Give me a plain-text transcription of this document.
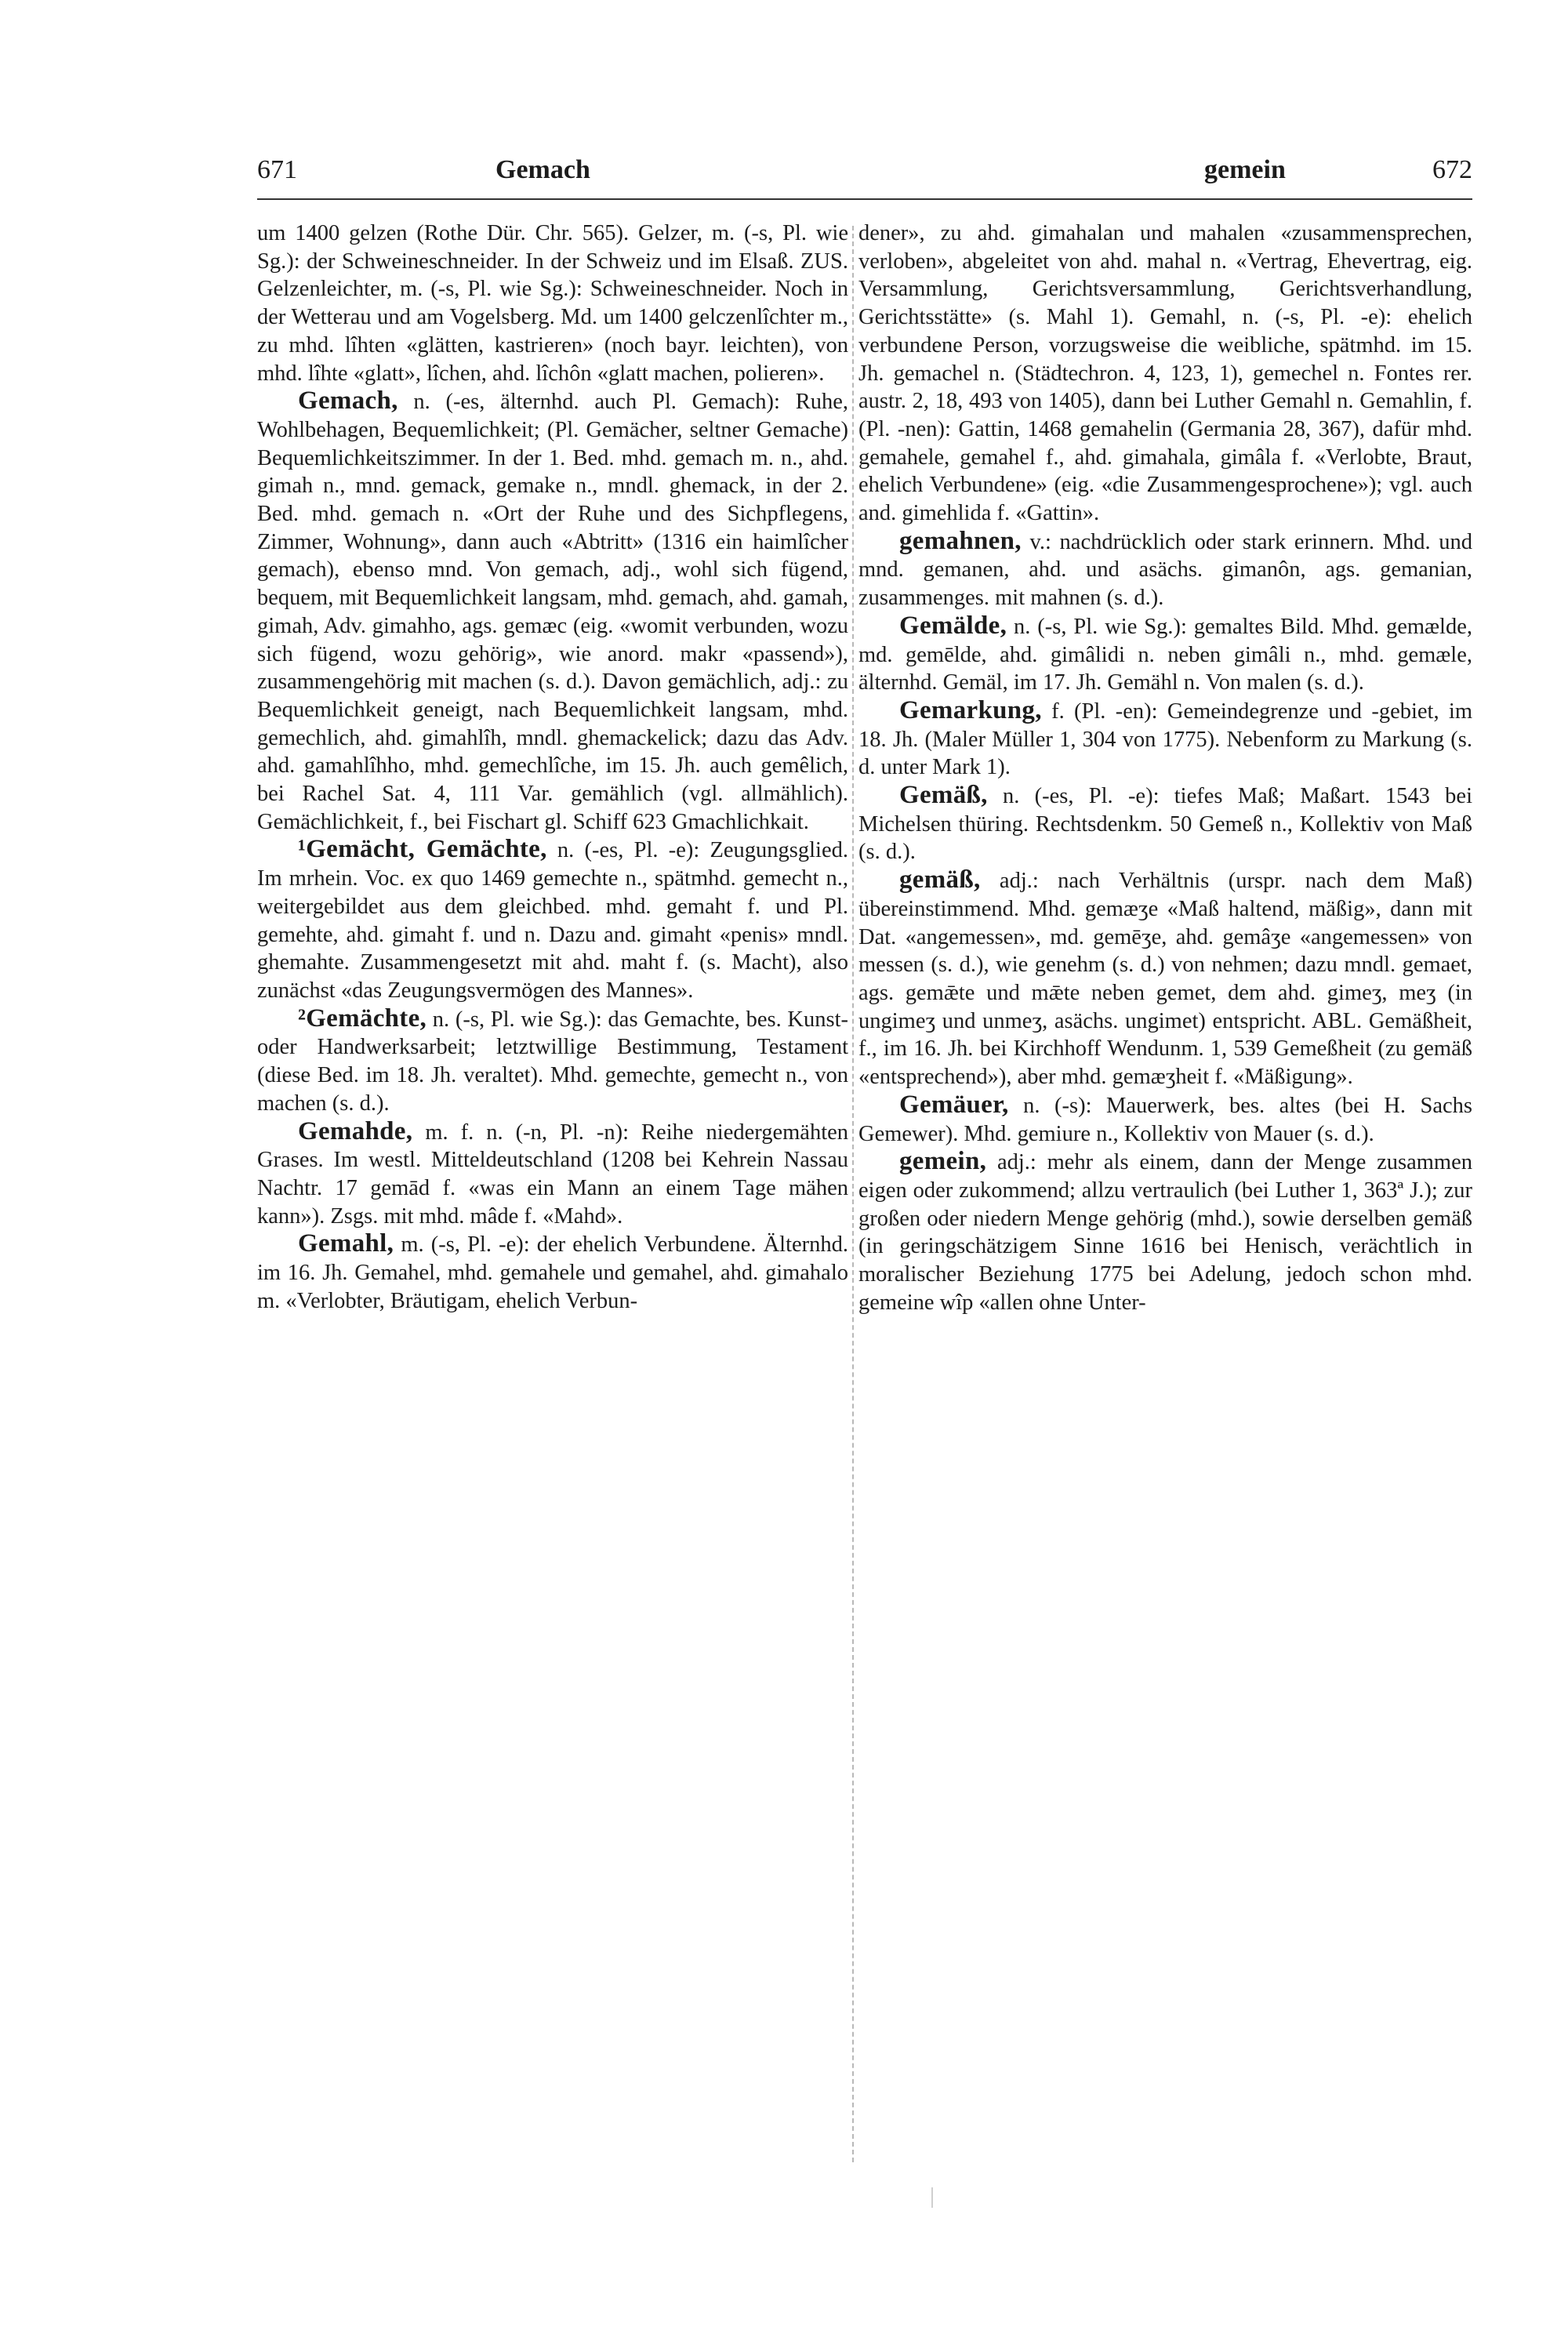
671	Gemach	gemein	672

um 1400 gelzen (Rothe Dür. Chr. 565). Gelzer, m. (-s, Pl. wie Sg.): der Schweineschneider. In der Schweiz und im Elsaß. ZUS. Gelzenleichter, m. (-s, Pl. wie Sg.): Schweineschneider. Noch in der Wetterau und am Vogelsberg. Md. um 1400 gelczenlîchter m., zu mhd. lîhten «glätten, kastrieren» (noch bayr. leichten), von mhd. lîhte «glatt», lîchen, ahd. lîchôn «glatt machen, polieren».

Gemach, n. (-es, älternhd. auch Pl. Gemach): Ruhe, Wohlbehagen, Bequemlichkeit; (Pl. Gemächer, seltner Gemache) Bequemlichkeitszimmer. In der 1. Bed. mhd. gemach m. n., ahd. gimah n., mnd. gemack, gemake n., mndl. ghemack, in der 2. Bed. mhd. gemach n. «Ort der Ruhe und des Sichpflegens, Zimmer, Wohnung», dann auch «Abtritt» (1316 ein haimlîcher gemach), ebenso mnd. Von gemach, adj., wohl sich fügend, bequem, mit Bequemlichkeit langsam, mhd. gemach, ahd. gamah, gimah, Adv. gimahho, ags. gemæc (eig. «womit verbunden, wozu sich fügend, wozu gehörig», wie anord. makr «passend»), zusammengehörig mit machen (s. d.). Davon gemächlich, adj.: zu Bequemlichkeit geneigt, nach Bequemlichkeit langsam, mhd. gemechlich, ahd. gimahlîh, mndl. ghemackelick; dazu das Adv. ahd. gamahlîhho, mhd. gemechlîche, im 15. Jh. auch gemêlich, bei Rachel Sat. 4, 111 Var. gemählich (vgl. allmählich). Gemächlichkeit, f., bei Fischart gl. Schiff 623 Gmachlichkait.

¹Gemächt, Gemächte, n. (-es, Pl. -e): Zeugungsglied. Im mrhein. Voc. ex quo 1469 gemechte n., spätmhd. gemecht n., weitergebildet aus dem gleichbed. mhd. gemaht f. und Pl. gemehte, ahd. gimaht f. und n. Dazu and. gimaht «penis» mndl. ghemahte. Zusammengesetzt mit ahd. maht f. (s. Macht), also zunächst «das Zeugungsvermögen des Mannes».

²Gemächte, n. (-s, Pl. wie Sg.): das Gemachte, bes. Kunst- oder Handwerksarbeit; letztwillige Bestimmung, Testament (diese Bed. im 18. Jh. veraltet). Mhd. gemechte, gemecht n., von machen (s. d.).

Gemahde, m. f. n. (-n, Pl. -n): Reihe niedergemähten Grases. Im westl. Mitteldeutschland (1208 bei Kehrein Nassau Nachtr. 17 gemād f. «was ein Mann an einem Tage mähen kann»). Zsgs. mit mhd. mâde f. «Mahd».

Gemahl, m. (-s, Pl. -e): der ehelich Verbundene. Älternhd. im 16. Jh. Gemahel, mhd. gemahele und gemahel, ahd. gimahalo m. «Verlobter, Bräutigam, ehelich Verbun-

dener», zu ahd. gimahalan und mahalen «zusammensprechen, verloben», abgeleitet von ahd. mahal n. «Vertrag, Ehevertrag, eig. Versammlung, Gerichtsversammlung, Gerichtsverhandlung, Gerichtsstätte» (s. Mahl 1). Gemahl, n. (-s, Pl. -e): ehelich verbundene Person, vorzugsweise die weibliche, spätmhd. im 15. Jh. gemachel n. (Städtechron. 4, 123, 1), gemechel n. Fontes rer. austr. 2, 18, 493 von 1405), dann bei Luther Gemahl n. Gemahlin, f. (Pl. -nen): Gattin, 1468 gemahelin (Germania 28, 367), dafür mhd. gemahele, gemahel f., ahd. gimahala, gimâla f. «Verlobte, Braut, ehelich Verbundene» (eig. «die Zusammengesprochene»); vgl. auch and. gimehlida f. «Gattin».

gemahnen, v.: nachdrücklich oder stark erinnern. Mhd. und mnd. gemanen, ahd. und asächs. gimanôn, ags. gemanian, zusammenges. mit mahnen (s. d.).

Gemälde, n. (-s, Pl. wie Sg.): gemaltes Bild. Mhd. gemælde, md. gemēlde, ahd. gimâlidi n. neben gimâli n., mhd. gemæle, älternhd. Gemäl, im 17. Jh. Gemähl n. Von malen (s. d.).

Gemarkung, f. (Pl. -en): Gemeindegrenze und -gebiet, im 18. Jh. (Maler Müller 1, 304 von 1775). Nebenform zu Markung (s. d. unter Mark 1).

Gemäß, n. (-es, Pl. -e): tiefes Maß; Maßart. 1543 bei Michelsen thüring. Rechtsdenkm. 50 Gemeß n., Kollektiv von Maß (s. d.).

gemäß, adj.: nach Verhältnis (urspr. nach dem Maß) übereinstimmend. Mhd. gemæʒe «Maß haltend, mäßig», dann mit Dat. «angemessen», md. gemēʒe, ahd. gemâʒe «angemessen» von messen (s. d.), wie genehm (s. d.) von nehmen; dazu mndl. gemaet, ags. gemǣte und mǣte neben gemet, dem ahd. gimeʒ, meʒ (in ungimeʒ und unmeʒ, asächs. ungimet) entspricht. ABL. Gemäßheit, f., im 16. Jh. bei Kirchhoff Wendunm. 1, 539 Gemeßheit (zu gemäß «entsprechend»), aber mhd. gemæʒheit f. «Mäßigung».

Gemäuer, n. (-s): Mauerwerk, bes. altes (bei H. Sachs Gemewer). Mhd. gemiure n., Kollektiv von Mauer (s. d.).

gemein, adj.: mehr als einem, dann der Menge zusammen eigen oder zukommend; allzu vertraulich (bei Luther 1, 363ª J.); zur großen oder niedern Menge gehörig (mhd.), sowie derselben gemäß (in geringschätzigem Sinne 1616 bei Henisch, verächtlich in moralischer Beziehung 1775 bei Adelung, jedoch schon mhd. gemeine wîp «allen ohne Unter-
